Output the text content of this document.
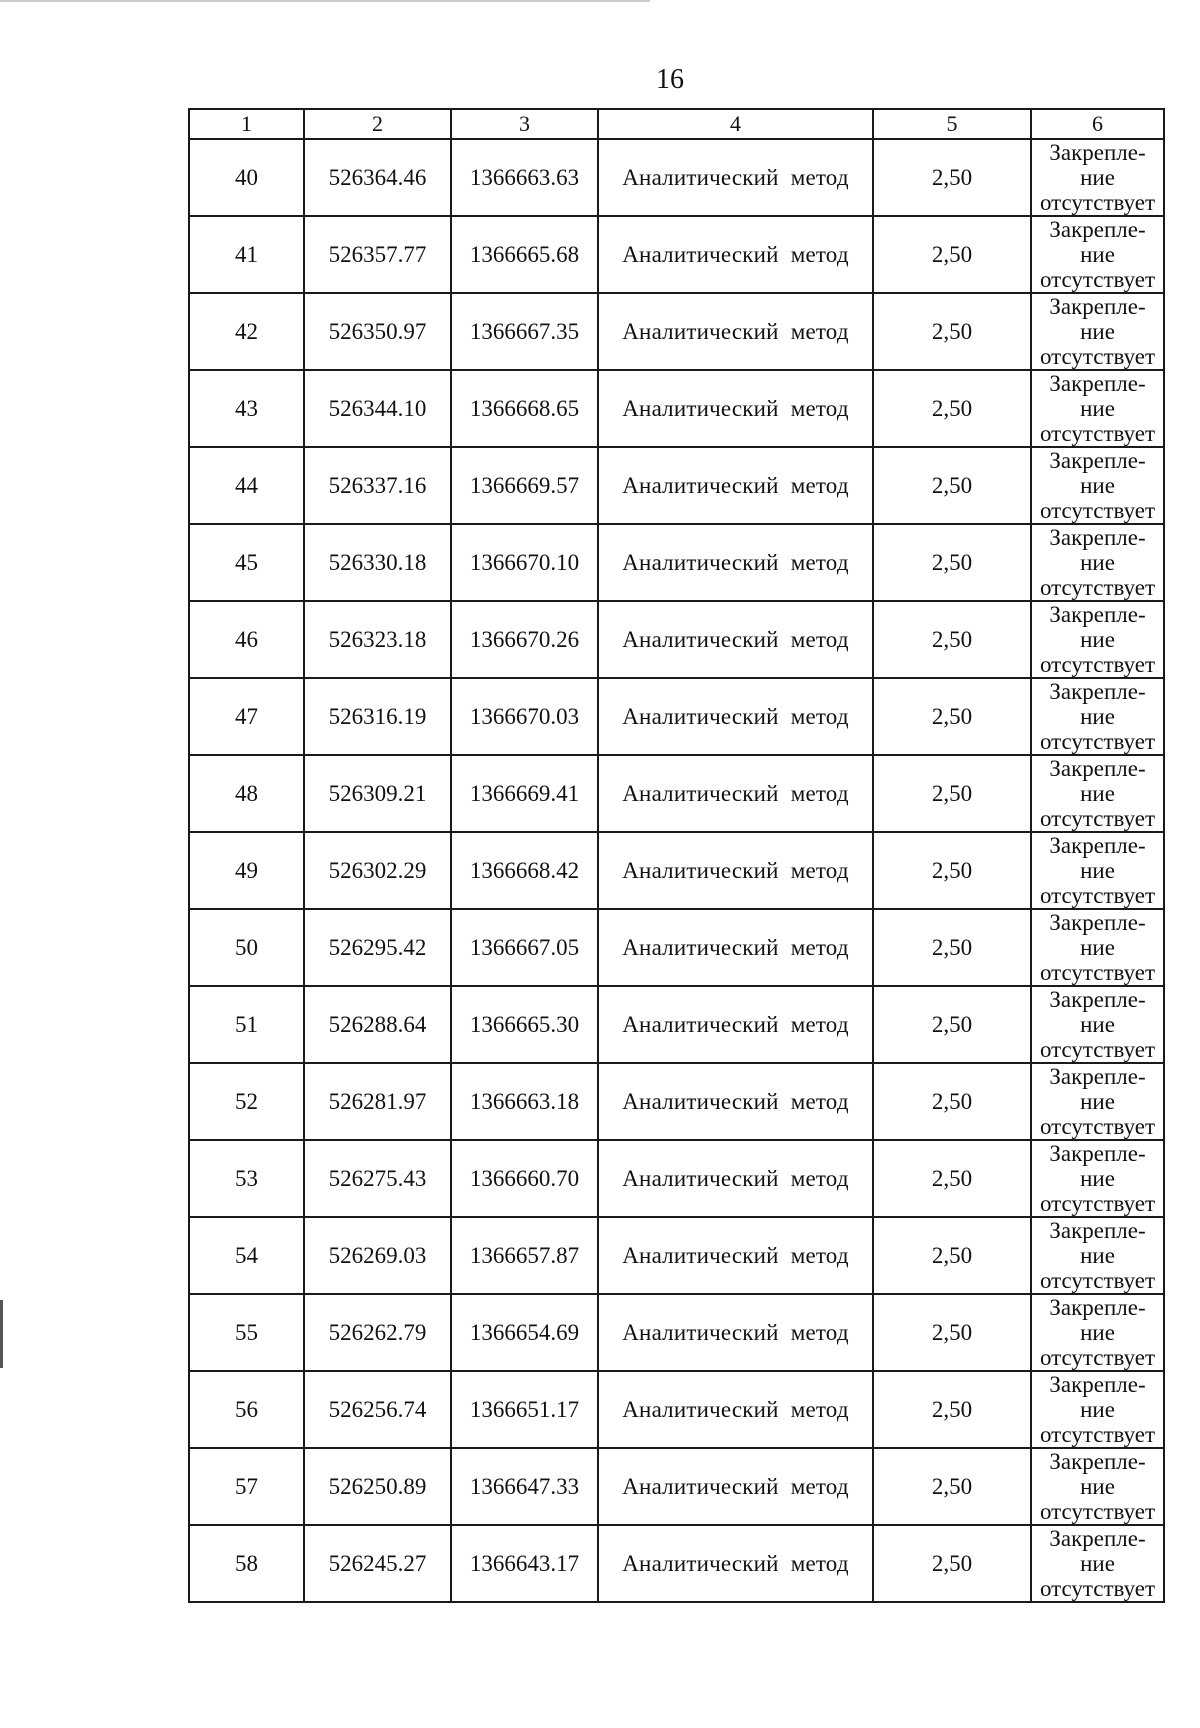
16
1	2	3	4	5	6
40	526364.46	1366663.63	Аналитический метод	2,50	Закрепле-
ние
отсутствует

41	526357.77	1366665.68	Аналитический метод	2,50	Закрепле-
ние
отсутствует

42	526350.97	1366667.35	Аналитический метод	2,50	Закрепле-
ние
отсутствует

43	526344.10	1366668.65	Аналитический метод	2,50	Закрепле-
ние
отсутствует

44	526337.16	1366669.57	Аналитический метод	2,50	Закрепле-
ние
отсутствует

45	526330.18	1366670.10	Аналитический метод	2,50	Закрепле-
ние
отсутствует

46	526323.18	1366670.26	Аналитический метод	2,50	Закрепле-
ние
отсутствует

47	526316.19	1366670.03	Аналитический метод	2,50	Закрепле-
ние
отсутствует

48	526309.21	1366669.41	Аналитический метод	2,50	Закрепле-
ние
отсутствует

49	526302.29	1366668.42	Аналитический метод	2,50	Закрепле-
ние
отсутствует

50	526295.42	1366667.05	Аналитический метод	2,50	Закрепле-
ние
отсутствует

51	526288.64	1366665.30	Аналитический метод	2,50	Закрепле-
ние
отсутствует

52	526281.97	1366663.18	Аналитический метод	2,50	Закрепле-
ние
отсутствует

53	526275.43	1366660.70	Аналитический метод	2,50	Закрепле-
ние
отсутствует

54	526269.03	1366657.87	Аналитический метод	2,50	Закрепле-
ние
отсутствует

55	526262.79	1366654.69	Аналитический метод	2,50	Закрепле-
ние
отсутствует

56	526256.74	1366651.17	Аналитический метод	2,50	Закрепле-
ние
отсутствует

57	526250.89	1366647.33	Аналитический метод	2,50	Закрепле-
ние
отсутствует

58	526245.27	1366643.17	Аналитический метод	2,50	Закрепле-
ние
отсутствует
